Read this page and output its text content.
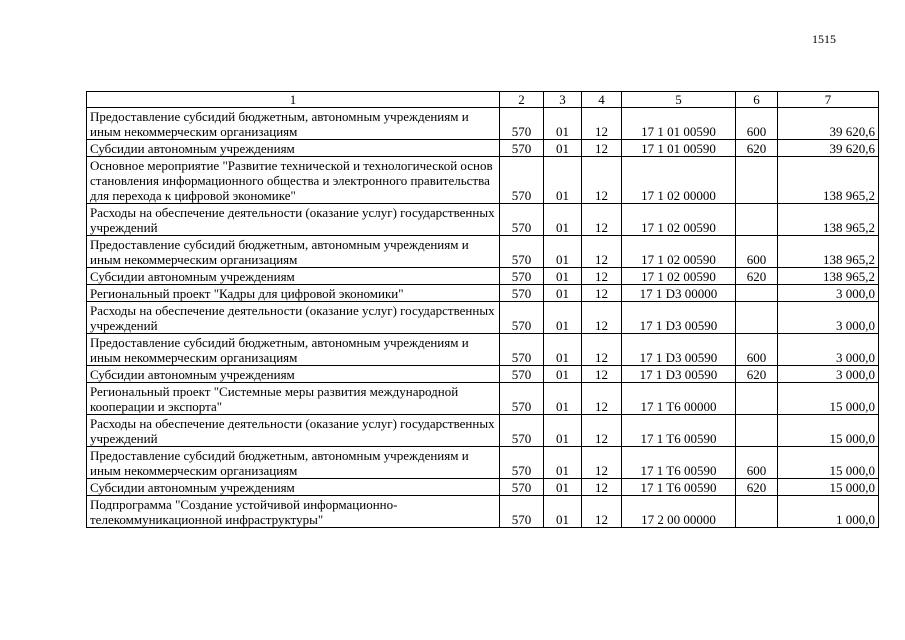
1515
1	2	3	4	5	6	7
Предоставление субсидий бюджетным, автономным учреждениям и иным некоммерческим организациям	570	01	12	17 1 01 00590	600	39 620,6
Субсидии автономным учреждениям	570	01	12	17 1 01 00590	620	39 620,6
Основное мероприятие "Развитие технической и технологической основ становления информационного общества и электронного правительства для перехода к цифровой экономике"	570	01	12	17 1 02 00000		138 965,2
Расходы на обеспечение деятельности (оказание услуг) государственных учреждений	570	01	12	17 1 02 00590		138 965,2
Предоставление субсидий бюджетным, автономным учреждениям и иным некоммерческим организациям	570	01	12	17 1 02 00590	600	138 965,2
Субсидии автономным учреждениям	570	01	12	17 1 02 00590	620	138 965,2
Региональный проект "Кадры для цифровой экономики"	570	01	12	17 1 D3 00000		3 000,0
Расходы на обеспечение деятельности (оказание услуг) государственных учреждений	570	01	12	17 1 D3 00590		3 000,0
Предоставление субсидий бюджетным, автономным учреждениям и иным некоммерческим организациям	570	01	12	17 1 D3 00590	600	3 000,0
Субсидии автономным учреждениям	570	01	12	17 1 D3 00590	620	3 000,0
Региональный проект "Системные меры развития международной кооперации и экспорта"	570	01	12	17 1 T6 00000		15 000,0
Расходы на обеспечение деятельности (оказание услуг) государственных учреждений	570	01	12	17 1 T6 00590		15 000,0
Предоставление субсидий бюджетным, автономным учреждениям и иным некоммерческим организациям	570	01	12	17 1 T6 00590	600	15 000,0
Субсидии автономным учреждениям	570	01	12	17 1 T6 00590	620	15 000,0
Подпрограмма "Создание устойчивой информационно-телекоммуникационной инфраструктуры"	570	01	12	17 2 00 00000		1 000,0
